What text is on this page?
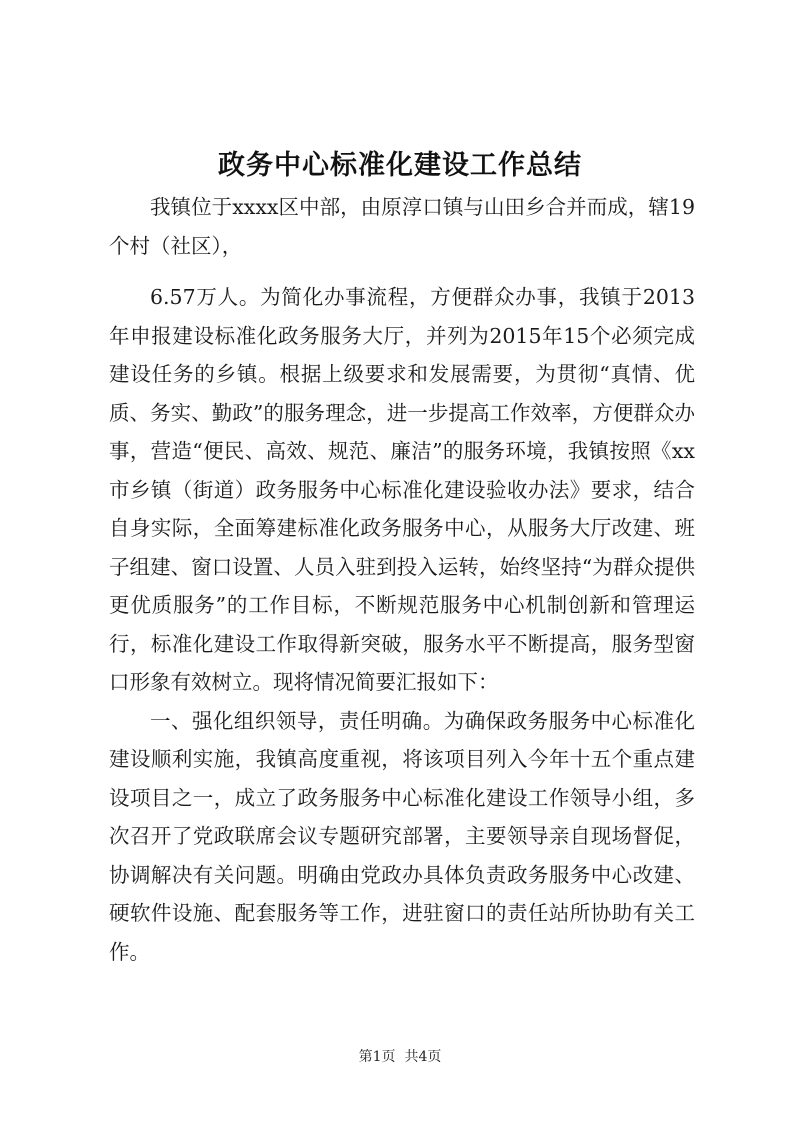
政务中心标准化建设工作总结

我镇位于xxxx区中部，由原淳口镇与山田乡合并而成，辖19个村（社区），

6.57万人。为简化办事流程，方便群众办事，我镇于2013年申报建设标准化政务服务大厅，并列为2015年15个必须完成建设任务的乡镇。根据上级要求和发展需要，为贯彻“真情、优质、务实、勤政”的服务理念，进一步提高工作效率，方便群众办事，营造“便民、高效、规范、廉洁”的服务环境，我镇按照《xx市乡镇（街道）政务服务中心标准化建设验收办法》要求，结合自身实际，全面筹建标准化政务服务中心，从服务大厅改建、班子组建、窗口设置、人员入驻到投入运转，始终坚持“为群众提供更优质服务”的工作目标，不断规范服务中心机制创新和管理运行，标准化建设工作取得新突破，服务水平不断提高，服务型窗口形象有效树立。现将情况简要汇报如下：

一、强化组织领导，责任明确。为确保政务服务中心标准化建设顺利实施，我镇高度重视，将该项目列入今年十五个重点建设项目之一，成立了政务服务中心标准化建设工作领导小组，多次召开了党政联席会议专题研究部署，主要领导亲自现场督促，协调解决有关问题。明确由党政办具体负责政务服务中心改建、硬软件设施、配套服务等工作，进驻窗口的责任站所协助有关工作。

第1页  共4页
